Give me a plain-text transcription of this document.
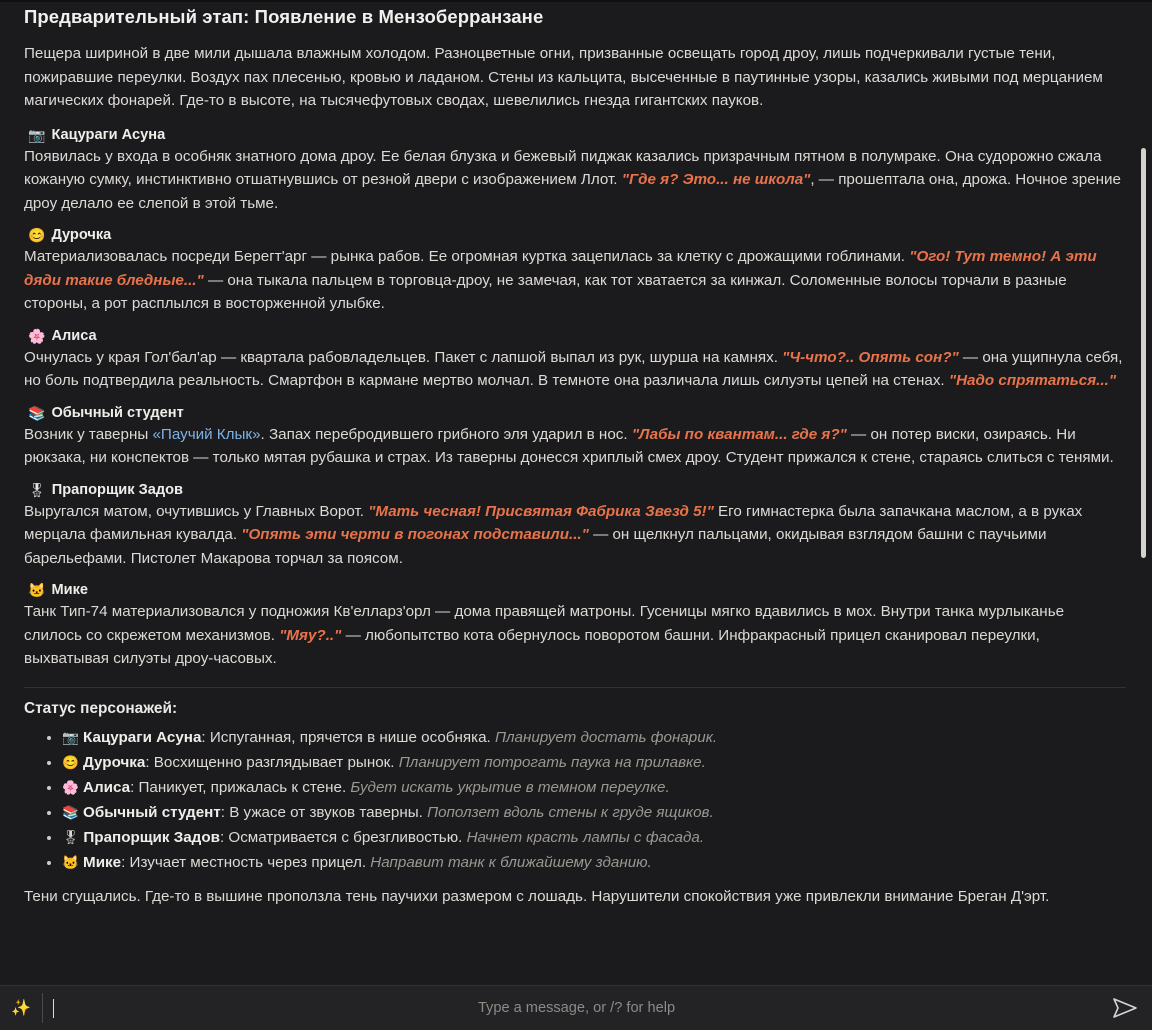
Предварительный этап: Появление в Мензоберранзане

Пещера шириной в две мили дышала влажным холодом. Разноцветные огни, призванные освещать город дроу, лишь подчеркивали густые тени, пожиравшие переулки. Воздух пах плесенью, кровью и ладаном. Стены из кальцита, высеченные в паутинные узоры, казались живыми под мерцанием магических фонарей. Где-то в высоте, на тысячефутовых сводах, шевелились гнезда гигантских пауков.

📷 Кацураги Асуна

Появилась у входа в особняк знатного дома дроу. Ее белая блузка и бежевый пиджак казались призрачным пятном в полумраке. Она судорожно сжала кожаную сумку, инстинктивно отшатнувшись от резной двери с изображением Ллот. "Где я? Это... не школа", — прошептала она, дрожа. Ночное зрение дроу делало ее слепой в этой тьме.

😊 Дурочка

Материализовалась посреди Берегт'арг — рынка рабов. Ее огромная куртка зацепилась за клетку с дрожащими гоблинами. "Ого! Тут темно! А эти дяди такие бледные..." — она тыкала пальцем в торговца-дроу, не замечая, как тот хватается за кинжал. Соломенные волосы торчали в разные стороны, а рот расплылся в восторженной улыбке.

🌸 Алиса

Очнулась у края Гол'бал'ар — квартала рабовладельцев. Пакет с лапшой выпал из рук, шурша на камнях. "Ч-что?.. Опять сон?" — она ущипнула себя, но боль подтвердила реальность. Смартфон в кармане мертво молчал. В темноте она различала лишь силуэты цепей на стенах. "Надо спрятаться..."

📚 Обычный студент

Возник у таверны «Паучий Клык». Запах перебродившего грибного эля ударил в нос. "Лабы по квантам... где я?" — он потер виски, озираясь. Ни рюкзака, ни конспектов — только мятая рубашка и страх. Из таверны донесся хриплый смех дроу. Студент прижался к стене, стараясь слиться с тенями.

🎖 Прапорщик Задов

Выругался матом, очутившись у Главных Ворот. "Мать чесная! Присвятая Фабрика Звезд 5!" Его гимнастерка была запачкана маслом, а в руках мерцала фамильная кувалда. "Опять эти черти в погонах подставили..." — он щелкнул пальцами, окидывая взглядом башни с паучьими барельефами. Пистолет Макарова торчал за поясом.

🐱 Мике

Танк Тип-74 материализовался у подножия Кв'елларз'орл — дома правящей матроны. Гусеницы мягко вдавились в мох. Внутри танка мурлыканье слилось со скрежетом механизмов. "Мяу?.." — любопытство кота обернулось поворотом башни. Инфракрасный прицел сканировал переулки, выхватывая силуэты дроу-часовых.

Статус персонажей:
• 📷 Кацураги Асуна: Испуганная, прячется в нише особняка. Планирует достать фонарик.
• 😊 Дурочка: Восхищенно разглядывает рынок. Планирует потрогать паука на прилавке.
• 🌸 Алиса: Паникует, прижалась к стене. Будет искать укрытие в темном переулке.
• 📚 Обычный студент: В ужасе от звуков таверны. Поползет вдоль стены к груде ящиков.
• 🎖 Прапорщик Задов: Осматривается с брезгливостью. Начнет красть лампы с фасада.
• 🐱 Мике: Изучает местность через прицел. Направит танк к ближайшему зданию.

Тени сгущались. Где-то в вышине проползла тень паучихи размером с лошадь. Нарушители спокойствия уже привлекли внимание Бреган Д'эрт.

✨	Type a message, or /? for help
